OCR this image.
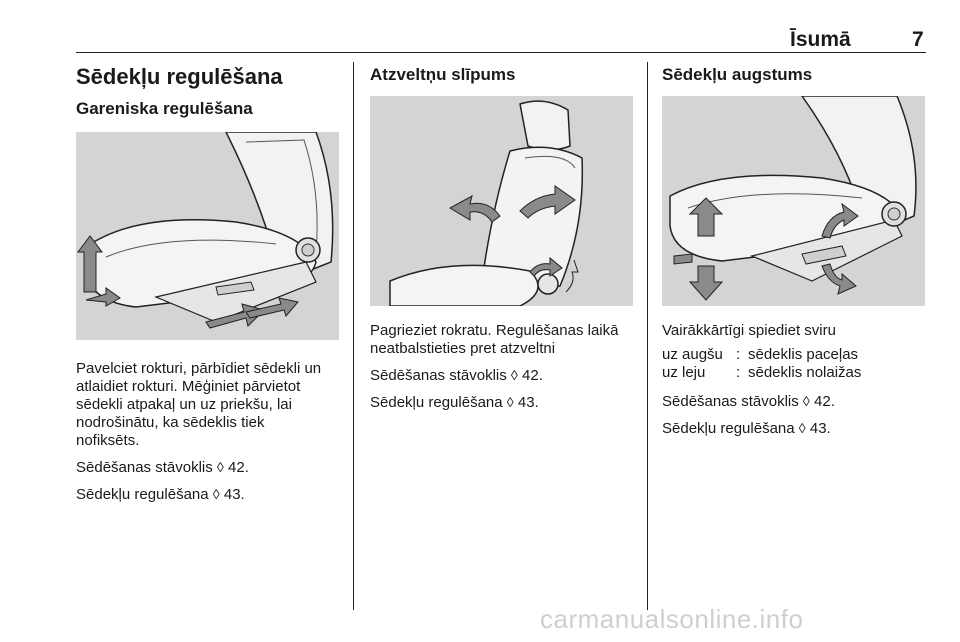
Īsumā	7
Sēdekļu regulēšana
Gareniska regulēšana

Pavelciet rokturi, pārbīdiet sēdekli un

atlaidiet rokturi. Mēģiniet pārvietot

sēdekli atpakaļ un uz priekšu, lai

nodrošinātu, ka sēdeklis tiek

nofiksēts.

Sēdēšanas stāvoklis ◊ 42.

Sēdekļu regulēšana ◊ 43.

Atzveltņu slīpums

Pagrieziet rokratu. Regulēšanas laikā

neatbalstieties pret atzveltni

Sēdēšanas stāvoklis ◊ 42.

Sēdekļu regulēšana ◊ 43.

Sēdekļu augstums

Vairākkārtīgi spiediet sviru

uz augšu : sēdeklis paceļas
uz leju : sēdeklis nolaižas

Sēdēšanas stāvoklis ◊ 42.

Sēdekļu regulēšana ◊ 43.

carmanualsonline.info
